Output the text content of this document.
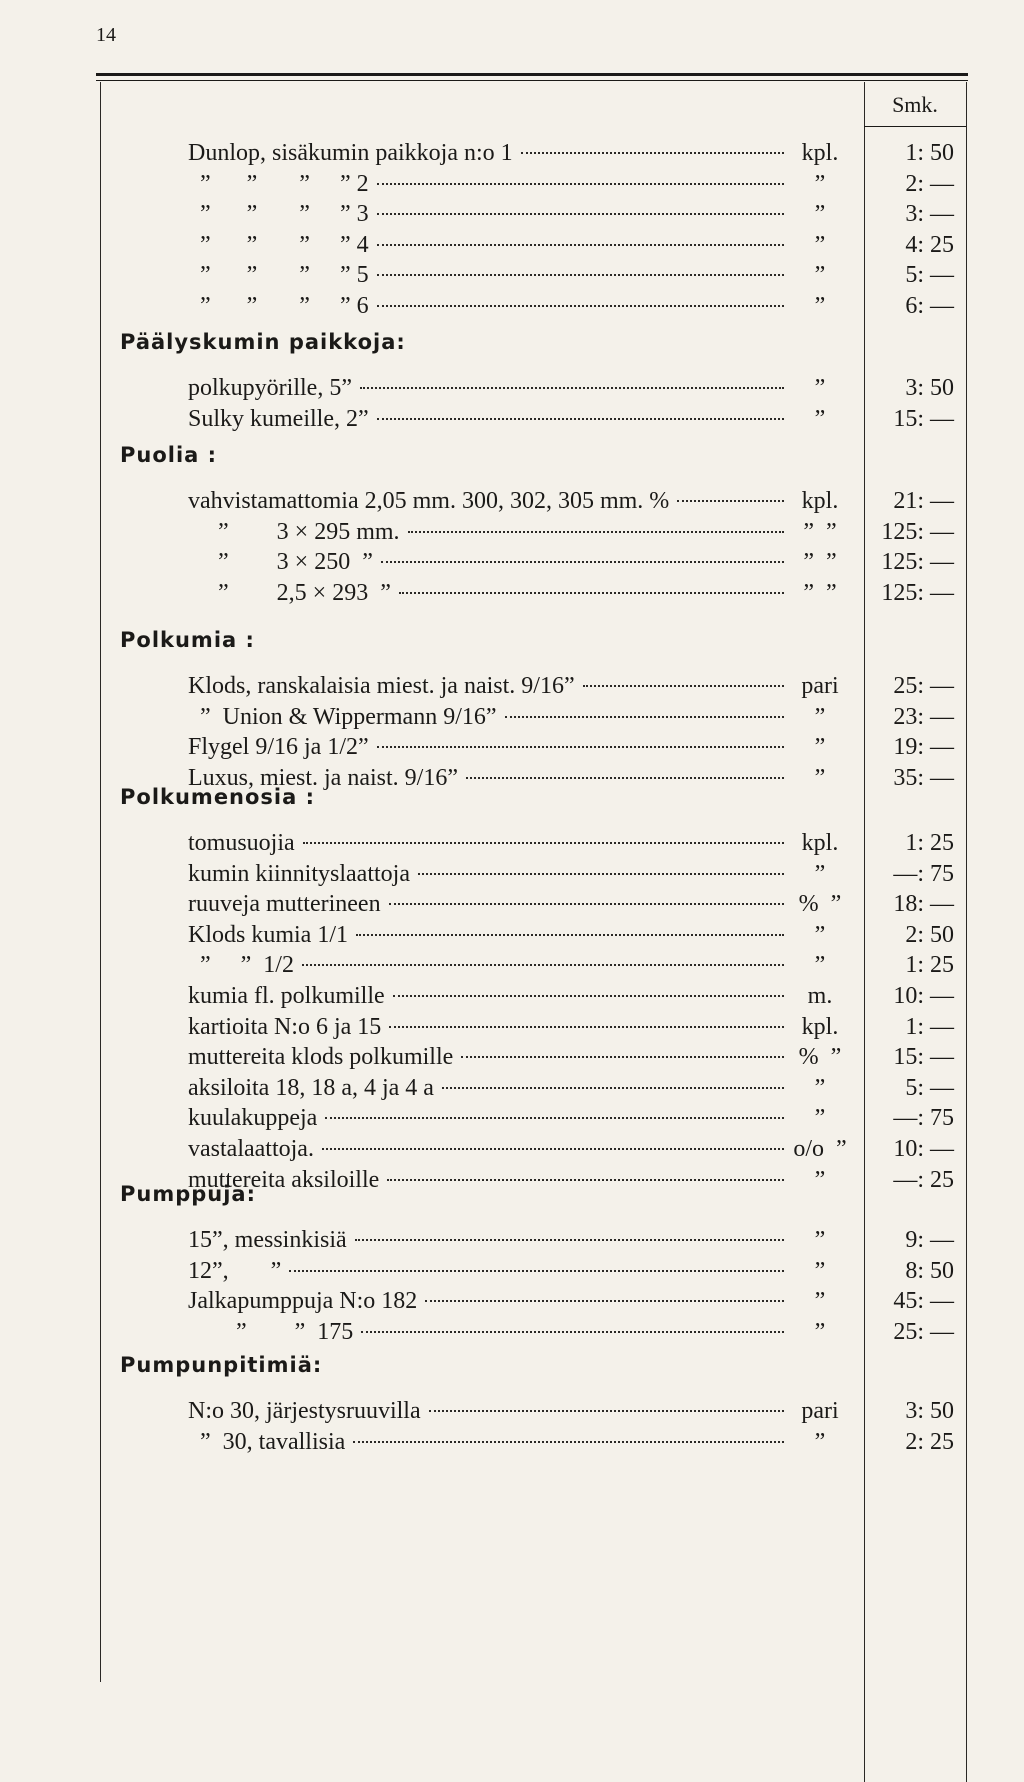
14
Smk.
Dunlop, sisäkumin paikkoja n:o 1	kpl.	1: 50
”      ”       ”     ” 2	”	2: —
”      ”       ”     ” 3	”	3: —
”      ”       ”     ” 4	”	4: 25
”      ”       ”     ” 5	”	5: —
”      ”       ”     ” 6	”	6: —
Päälyskumin paikkoja:
polkupyörille, 5”	”	3: 50
Sulky kumeille, 2”	”	15: —
Puolia :
vahvistamattomia 2,05 mm. 300, 302, 305 mm. %	kpl.	21: —
”        3 × 295 mm.	”  ”	125: —
”        3 × 250  ”	”  ”	125: —
”        2,5 × 293  ”	”  ”	125: —
Polkumia :
Klods, ranskalaisia miest. ja naist. 9/16”	pari	25: —
”  Union & Wippermann 9/16”	”	23: —
Flygel 9/16 ja 1/2”	”	19: —
Luxus, miest. ja naist. 9/16”	”	35: —
Polkumenosia :
tomusuojia	kpl.	1: 25
kumin kiinnityslaattoja	”	—: 75
ruuveja mutterineen	%  ”	18: —
Klods kumia 1/1	”	2: 50
”     ”  1/2	”	1: 25
kumia fl. polkumille	m.	10: —
kartioita N:o 6 ja 15	kpl.	1: —
muttereita klods polkumille	%  ”	15: —
aksiloita 18, 18 a, 4 ja 4 a	”	5: —
kuulakuppeja	”	—: 75
vastalaattoja.	o/o  ”	10: —
muttereita aksiloille	”	—: 25
Pumppuja:
15”, messinkisiä	”	9: —
12”,       ”	”	8: 50
Jalkapumppuja N:o 182	”	45: —
”        ”  175	”	25: —
Pumpunpitimiä:
N:o 30, järjestysruuvilla	pari	3: 50
”  30, tavallisia	”	2: 25
